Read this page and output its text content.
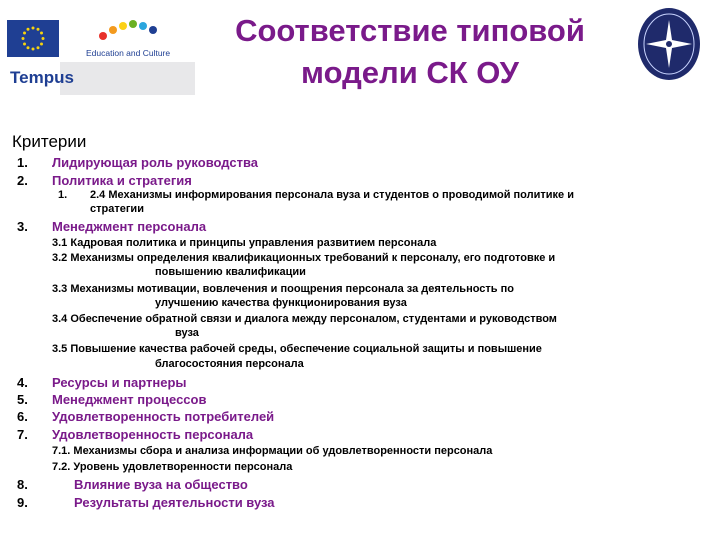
Education and Culture
Tempus
Соответствие типовой
модели СК ОУ
Критерии
1. Лидирующая роль руководства
2. Политика и стратегия
1. 2.4 Механизмы информирования персонала вуза и студентов о проводимой политике и
стратегии
3. Менеджмент персонала
3.1 Кадровая политика и принципы управления развитием персонала
3.2 Механизмы определения квалификационных требований к персоналу, его подготовке и
повышению квалификации
3.3 Механизмы мотивации, вовлечения и поощрения персонала за деятельность по
улучшению качества функционирования вуза
3.4 Обеспечение обратной связи и диалога между персоналом, студентами и руководством
вуза
3.5 Повышение качества рабочей среды, обеспечение социальной защиты и повышение
благосостояния персонала
4. Ресурсы и партнеры
5. Менеджмент процессов
6. Удовлетворенность потребителей
7. Удовлетворенность персонала
7.1. Механизмы сбора и анализа информации об удовлетворенности персонала
7.2. Уровень удовлетворенности персонала
8.	Влияние вуза на общество
9.	Результаты деятельности вуза
